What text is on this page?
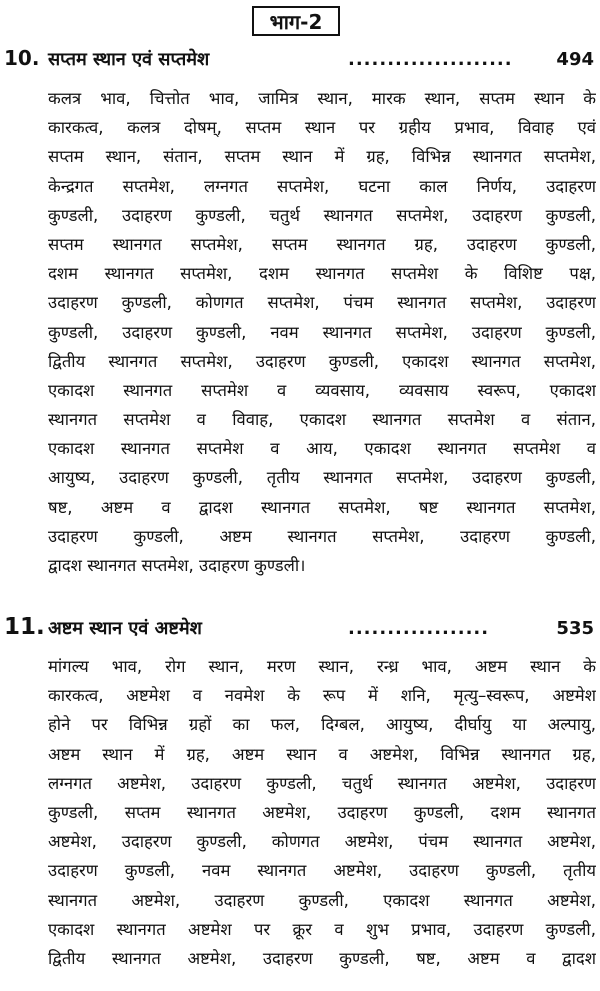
भाग-2
10. सप्तम स्थान एवं सप्तमेश	.....................	494
कलत्र भाव, चित्तोत भाव, जामित्र स्थान, मारक स्थान, सप्तम स्थान के
कारकत्व, कलत्र दोषम्, सप्तम स्थान पर ग्रहीय प्रभाव, विवाह एवं
सप्तम स्थान, संतान, सप्तम स्थान में ग्रह, विभिन्न स्थानगत सप्तमेश,
केन्द्रगत सप्तमेश, लग्नगत सप्तमेश, घटना काल निर्णय, उदाहरण
कुण्डली, उदाहरण कुण्डली, चतुर्थ स्थानगत सप्तमेश, उदाहरण कुण्डली,
सप्तम स्थानगत सप्तमेश, सप्तम स्थानगत ग्रह, उदाहरण कुण्डली,
दशम स्थानगत सप्तमेश, दशम स्थानगत सप्तमेश के विशिष्ट पक्ष,
उदाहरण कुण्डली, कोणगत सप्तमेश, पंचम स्थानगत सप्तमेश, उदाहरण
कुण्डली, उदाहरण कुण्डली, नवम स्थानगत सप्तमेश, उदाहरण कुण्डली,
द्वितीय स्थानगत सप्तमेश, उदाहरण कुण्डली, एकादश स्थानगत सप्तमेश,
एकादश स्थानगत सप्तमेश व व्यवसाय, व्यवसाय स्वरूप, एकादश
स्थानगत सप्तमेश व विवाह, एकादश स्थानगत सप्तमेश व संतान,
एकादश स्थानगत सप्तमेश व आय, एकादश स्थानगत सप्तमेश व
आयुष्य, उदाहरण कुण्डली, तृतीय स्थानगत सप्तमेश, उदाहरण कुण्डली,
षष्ट, अष्टम व द्वादश स्थानगत सप्तमेश, षष्ट स्थानगत सप्तमेश,
उदाहरण कुण्डली, अष्टम स्थानगत सप्तमेश, उदाहरण कुण्डली,
द्वादश स्थानगत सप्तमेश, उदाहरण कुण्डली।
11. अष्टम स्थान एवं अष्टमेश	..................	535
मांगल्य भाव, रोग स्थान, मरण स्थान, रन्ध्र भाव, अष्टम स्थान के
कारकत्व, अष्टमेश व नवमेश के रूप में शनि, मृत्यु–स्वरूप, अष्टमेश
होने पर विभिन्न ग्रहों का फल, दिग्बल, आयुष्य, दीर्घायु या अल्पायु,
अष्टम स्थान में ग्रह, अष्टम स्थान व अष्टमेश, विभिन्न स्थानगत ग्रह,
लग्नगत अष्टमेश, उदाहरण कुण्डली, चतुर्थ स्थानगत अष्टमेश, उदाहरण
कुण्डली, सप्तम स्थानगत अष्टमेश, उदाहरण कुण्डली, दशम स्थानगत
अष्टमेश, उदाहरण कुण्डली, कोणगत अष्टमेश, पंचम स्थानगत अष्टमेश,
उदाहरण कुण्डली, नवम स्थानगत अष्टमेश, उदाहरण कुण्डली, तृतीय
स्थानगत अष्टमेश, उदाहरण कुण्डली, एकादश स्थानगत अष्टमेश,
एकादश स्थानगत अष्टमेश पर क्रूर व शुभ प्रभाव, उदाहरण कुण्डली,
द्वितीय स्थानगत अष्टमेश, उदाहरण कुण्डली, षष्ट, अष्टम व द्वादश
